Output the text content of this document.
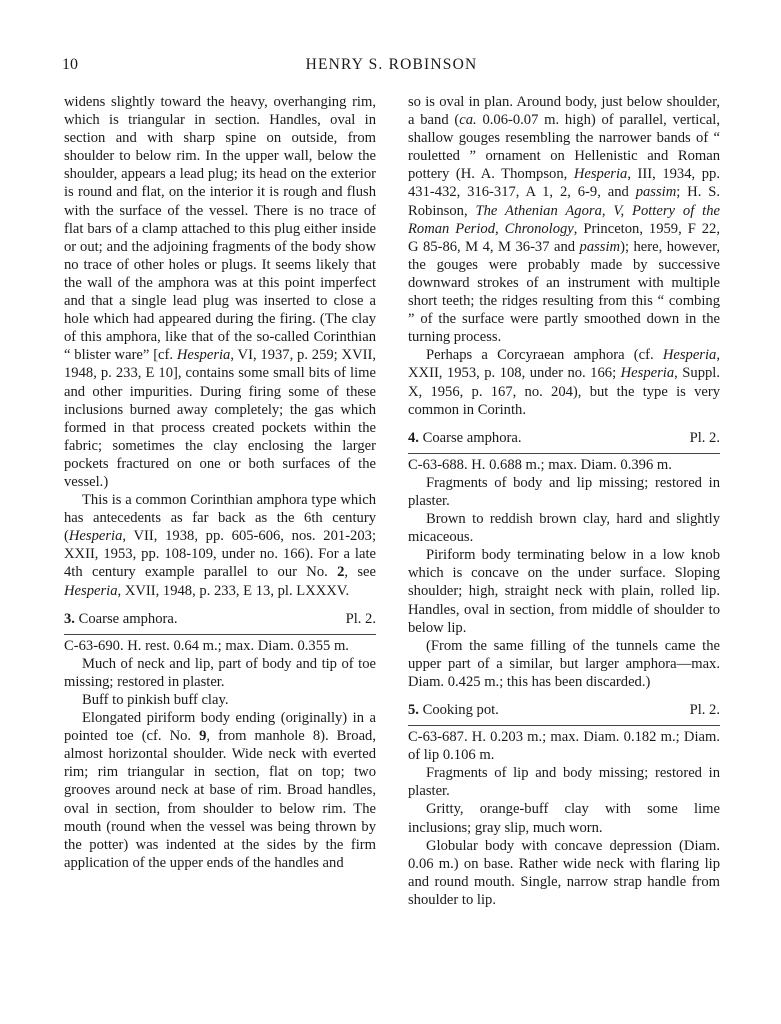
10	HENRY S. ROBINSON

widens slightly toward the heavy, overhanging rim, which is triangular in section. Handles, oval in section and with sharp spine on outside, from shoulder to below rim. In the upper wall, below the shoulder, appears a lead plug; its head on the exterior is round and flat, on the interior it is rough and flush with the surface of the vessel. There is no trace of flat bars of a clamp attached to this plug either inside or out; and the adjoining fragments of the body show no trace of other holes or plugs. It seems likely that the wall of the amphora was at this point imperfect and that a single lead plug was inserted to close a hole which had appeared during the firing. (The clay of this amphora, like that of the so-called Corinthian “ blister ware” [cf. Hesperia, VI, 1937, p. 259; XVII, 1948, p. 233, E 10], contains some small bits of lime and other impurities. During firing some of these inclusions burned away completely; the gas which formed in that process created pockets within the fabric; sometimes the clay enclosing the larger pockets fractured on one or both surfaces of the vessel.)

This is a common Corinthian amphora type which has antecedents as far back as the 6th century (Hesperia, VII, 1938, pp. 605-606, nos. 201-203; XXII, 1953, pp. 108-109, under no. 166). For a late 4th century example parallel to our No. 2, see Hesperia, XVII, 1948, p. 233, E 13, pl. LXXXV.

3. Coarse amphora.	Pl. 2.

C-63-690. H. rest. 0.64 m.; max. Diam. 0.355 m.

Much of neck and lip, part of body and tip of toe missing; restored in plaster.

Buff to pinkish buff clay.

Elongated piriform body ending (originally) in a pointed toe (cf. No. 9, from manhole 8). Broad, almost horizontal shoulder. Wide neck with everted rim; rim triangular in section, flat on top; two grooves around neck at base of rim. Broad handles, oval in section, from shoulder to below rim. The mouth (round when the vessel was being thrown by the potter) was indented at the sides by the firm application of the upper ends of the handles and

so is oval in plan. Around body, just below shoulder, a band (ca. 0.06-0.07 m. high) of parallel, vertical, shallow gouges resembling the narrower bands of “ rouletted ” ornament on Hellenistic and Roman pottery (H. A. Thompson, Hesperia, III, 1934, pp. 431-432, 316-317, A 1, 2, 6-9, and passim; H. S. Robinson, The Athenian Agora, V, Pottery of the Roman Period, Chronology, Princeton, 1959, F 22, G 85-86, M 4, M 36-37 and passim); here, however, the gouges were probably made by successive downward strokes of an instrument with multiple short teeth; the ridges resulting from this “ combing ” of the surface were partly smoothed down in the turning process.

Perhaps a Corcyraean amphora (cf. Hesperia, XXII, 1953, p. 108, under no. 166; Hesperia, Suppl. X, 1956, p. 167, no. 204), but the type is very common in Corinth.

4. Coarse amphora.	Pl. 2.

C-63-688. H. 0.688 m.; max. Diam. 0.396 m.

Fragments of body and lip missing; restored in plaster.

Brown to reddish brown clay, hard and slightly micaceous.

Piriform body terminating below in a low knob which is concave on the under surface. Sloping shoulder; high, straight neck with plain, rolled lip. Handles, oval in section, from middle of shoulder to below lip.

(From the same filling of the tunnels came the upper part of a similar, but larger amphora—max. Diam. 0.425 m.; this has been discarded.)

5. Cooking pot.	Pl. 2.

C-63-687. H. 0.203 m.; max. Diam. 0.182 m.; Diam. of lip 0.106 m.

Fragments of lip and body missing; restored in plaster.

Gritty, orange-buff clay with some lime inclusions; gray slip, much worn.

Globular body with concave depression (Diam. 0.06 m.) on base. Rather wide neck with flaring lip and round mouth. Single, narrow strap handle from shoulder to lip.
